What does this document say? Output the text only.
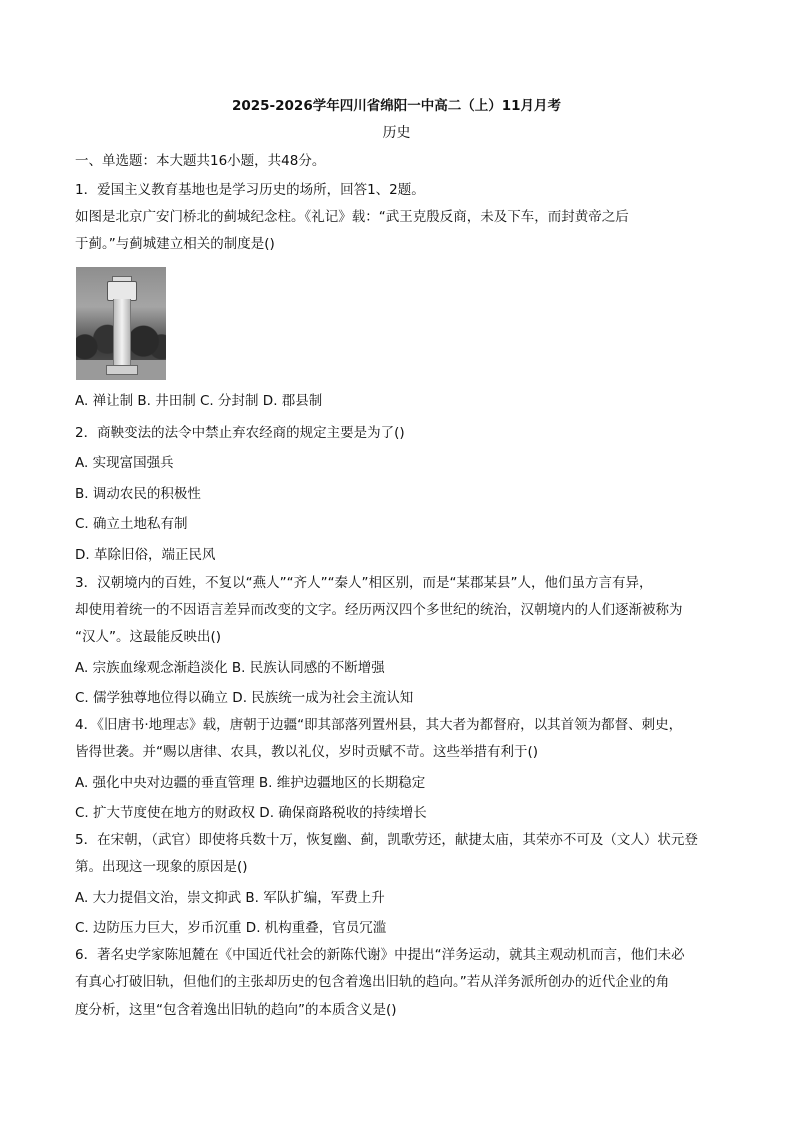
2025-2026学年四川省绵阳一中高二（上）11月月考
历史
一、单选题：本大题共16小题，共48分。
1．爱国主义教育基地也是学习历史的场所，回答1、2题。
如图是北京广安门桥北的蓟城纪念柱。《礼记》载：“武王克殷反商，未及下车，而封黄帝之后
于蓟。”与蓟城建立相关的制度是()
A. 禅让制 B. 井田制 C. 分封制 D. 郡县制
2．商鞅变法的法令中禁止弃农经商的规定主要是为了()
A. 实现富国强兵
B. 调动农民的积极性
C. 确立土地私有制
D. 革除旧俗，端正民风
3．汉朝境内的百姓，不复以“燕人”“齐人”“秦人”相区别，而是“某郡某县”人，他们虽方言有异，
却使用着统一的不因语言差异而改变的文字。经历两汉四个多世纪的统治，汉朝境内的人们逐渐被称为
“汉人”。这最能反映出()
A. 宗族血缘观念渐趋淡化 B. 民族认同感的不断增强
C. 儒学独尊地位得以确立 D. 民族统一成为社会主流认知
4．《旧唐书·地理志》载，唐朝于边疆“即其部落列置州县，其大者为都督府，以其首领为都督、刺史，
皆得世袭。并“赐以唐律、农具，教以礼仪，岁时贡赋不苛。这些举措有利于()
A. 强化中央对边疆的垂直管理 B. 维护边疆地区的长期稳定
C. 扩大节度使在地方的财政权 D. 确保商路税收的持续增长
5．在宋朝，（武官）即使将兵数十万，恢复幽、蓟，凯歌劳还，献捷太庙，其荣亦不可及（文人）状元登
第。出现这一现象的原因是()
A. 大力提倡文治，崇文抑武 B. 军队扩编，军费上升
C. 边防压力巨大，岁币沉重 D. 机构重叠，官员冗滥
6．著名史学家陈旭麓在《中国近代社会的新陈代谢》中提出“洋务运动，就其主观动机而言，他们未必
有真心打破旧轨，但他们的主张却历史的包含着逸出旧轨的趋向。”若从洋务派所创办的近代企业的角
度分析，这里“包含着逸出旧轨的趋向”的本质含义是()
